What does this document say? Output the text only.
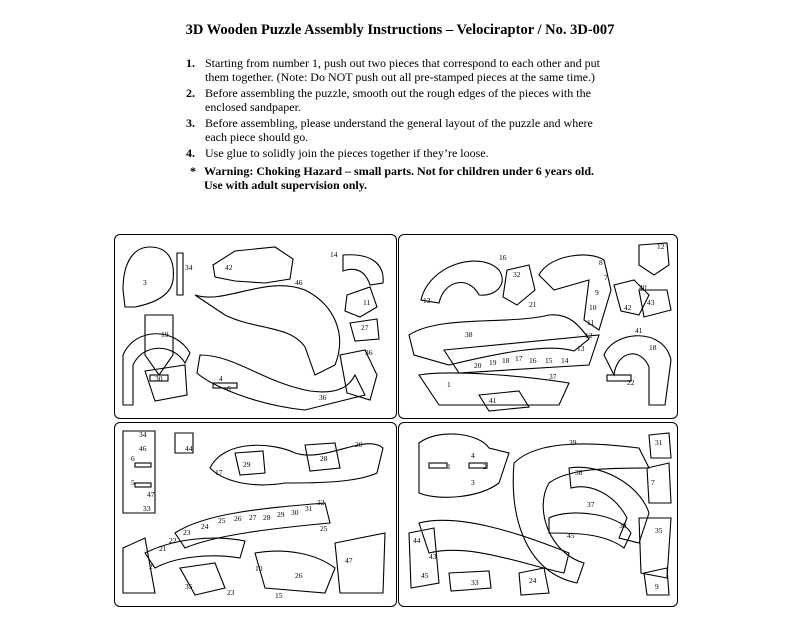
3D Wooden Puzzle Assembly Instructions – Velociraptor / No. 3D-007
1. Starting from number 1, push out two pieces that correspond to each other and put them together. (Note: Do NOT push out all pre-stamped pieces at the same time.)
2. Before assembling the puzzle, smooth out the rough edges of the pieces with the enclosed sandpaper.
3. Before assembling, please understand the general layout of the puzzle and where each piece should go.
4. Use glue to solidly join the pieces together if they’re loose.
* Warning: Choking Hazard – small parts. Not for children under 6 years old.
Use with adult supervision only.
3
34	42
46
14
19
30
6
4
11
27
36
36
16
32
21
13
12
8
7
9
10
11
12
13
38
40
42
41
43
20 19 18 17 16 15 14
37
1
41
18
22
34
46	44
6
5
47
33
17
29
28
20
23
24
25 26 27 28 29 30 31
32
22
21
2
35
15
10
26
47
25
23
4
1	2
3
39	31
7
38
37
39
45
44
43
45
33	24
35
9
